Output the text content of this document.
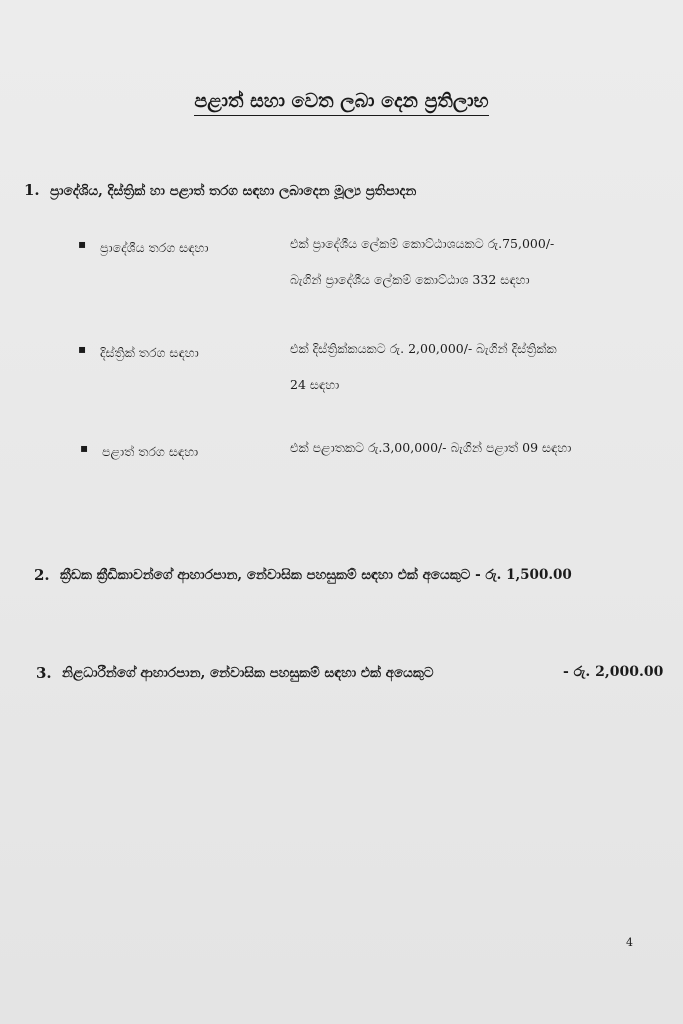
පළාත් සහා වෙත ලබා දෙන ප්‍රතිලාභ
1. ප්‍රාදේශිය, දිස්ත්‍රික් හා පළාත් තරග සඳහා ලබාදෙන මූල්‍ය ප්‍රතිපාදන
▪ ප්‍රාදේශීය තරග සඳහා	එක් ප්‍රාදේශීය ලේකම් කොට්ඨාශයකට රු.75,000/-
බැගින් ප්‍රාදේශීය ලේකම් කොට්ඨාශ 332 සඳහා
▪ දිස්ත්‍රික් තරග සඳහා	එක් දිස්ත්‍රික්කයකට රු. 2,00,000/- බැගින් දිස්ත්‍රික්ක
24 සඳහා
▪ පළාත් තරග සඳහා	එක් පළාතකට රු.3,00,000/- බැගින් පළාත් 09 සඳහා
2. ක්‍රීඩක ක්‍රීඩිකාවන්ගේ ආහාරපාන, නේවාසික පහසුකම් සඳහා එක් අයෙකුට - රු. 1,500.00
3. නිළධාරීන්ගේ ආහාරපාන, නේවාසික පහසුකම් සඳහා එක් අයෙකුට	- රු. 2,000.00
4
